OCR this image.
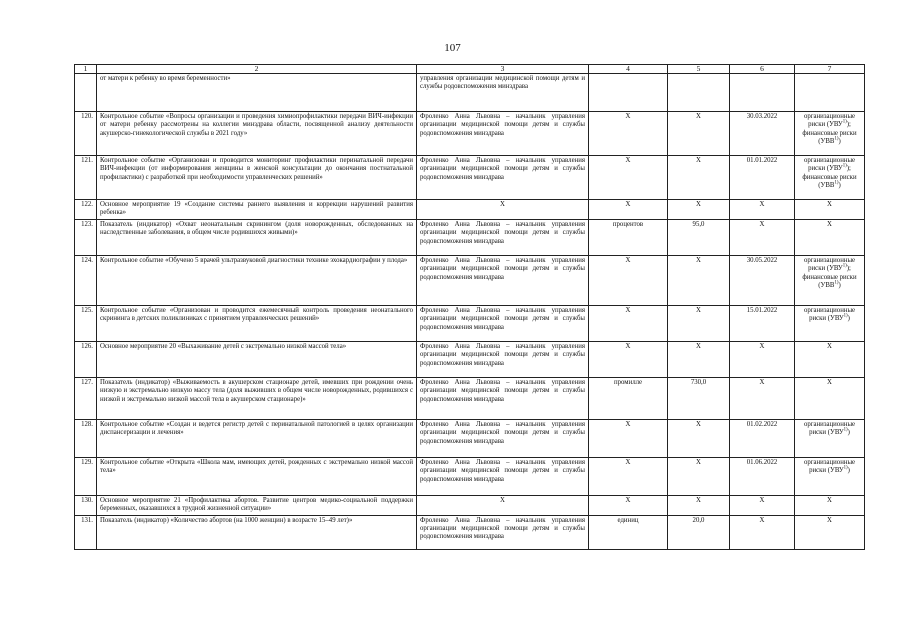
107
1	2	3	4	5	6	7
	от матери к ребенку во время беременности»	управления организации медицинской помощи детям и службы родовспоможения минздрава				
120.	Контрольное событие «Вопросы организации и проведения химиопрофилактики передачи ВИЧ-инфекции от матери ребенку рассмотрены на коллегии минздрава области, посвященной анализу деятельности акушерско-гинекологической службы в 2021 году»	Фроленко Анна Львовна – начальник управления организации медицинской помощи детям и службы родовспоможения минздрава	Х	Х	30.03.2022	организационные риски (УВУ$^{1)}$); финансовые риски (УВВ$^{1)}$)
121.	Контрольное событие «Организован и проводится мониторинг профилактики перинатальной передачи ВИЧ-инфекции (от информирования женщины в женской консультации до окончания постнатальной профилактики) с разработкой при необходимости управленческих решений»	Фроленко Анна Львовна – начальник управления организации медицинской помощи детям и службы родовспоможения минздрава	Х	Х	01.01.2022	организационные риски (УВУ$^{1)}$); финансовые риски (УВВ$^{1)}$)
122.	Основное мероприятие 19 «Создание системы раннего выявления и коррекции нарушений развития ребенка»	Х	Х	Х	Х	Х
123.	Показатель (индикатор) «Охват неонатальным скринингом (доля новорожденных, обследованных на наследственные заболевания, в общем числе родившихся живыми)»	Фроленко Анна Львовна – начальник управления организации медицинской помощи детям и службы родовспоможения минздрава	процентов	95,0	Х	Х
124.	Контрольное событие «Обучено 5 врачей ультразвуковой диагностики технике эхокардиографии у плода»	Фроленко Анна Львовна – начальник управления организации медицинской помощи детям и службы родовспоможения минздрава	Х	Х	30.05.2022	организационные риски (УВУ$^{1)}$); финансовые риски (УВВ$^{1)}$)
125.	Контрольное событие «Организован и проводится ежемесячный контроль проведения неонатального скрининга в детских поликлиниках с принятием управленческих решений»	Фроленко Анна Львовна – начальник управления организации медицинской помощи детям и службы родовспоможения минздрава	Х	Х	15.01.2022	организационные риски (УВУ$^{1)}$)
126.	Основное мероприятие 20 «Выхаживание детей с экстремально низкой массой тела»	Фроленко Анна Львовна – начальник управления организации медицинской помощи детям и службы родовспоможения минздрава	Х	Х	Х	Х
127.	Показатель (индикатор) «Выживаемость в акушерском стационаре детей, имевших при рождении очень низкую и экстремально низкую массу тела (доля выживших в общем числе новорожденных, родившихся с низкой и экстремально низкой массой тела в акушерском стационаре)»	Фроленко Анна Львовна – начальник управления организации медицинской помощи детям и службы родовспоможения минздрава	промилле	730,0	Х	Х
128.	Контрольное событие «Создан и ведется регистр детей с перинатальной патологией в целях организации диспансеризации и лечения»	Фроленко Анна Львовна – начальник управления организации медицинской помощи детям и службы родовспоможения минздрава	Х	Х	01.02.2022	организационные риски (УВУ$^{1)}$)
129.	Контрольное событие «Открыта «Школа мам, имеющих детей, рожденных с экстремально низкой массой тела»	Фроленко Анна Львовна – начальник управления организации медицинской помощи детям и службы родовспоможения минздрава	Х	Х	01.06.2022	организационные риски (УВУ$^{1)}$)
130.	Основное мероприятие 21 «Профилактика абортов. Развитие центров медико-социальной поддержки беременных, оказавшихся в трудной жизненной ситуации»	Х	Х	Х	Х	Х
131.	Показатель (индикатор) «Количество абортов (на 1000 женщин) в возрасте 15–49 лет)»	Фроленко Анна Львовна – начальник управления организации медицинской помощи детям и службы родовспоможения минздрава	единиц	20,0	Х	Х
